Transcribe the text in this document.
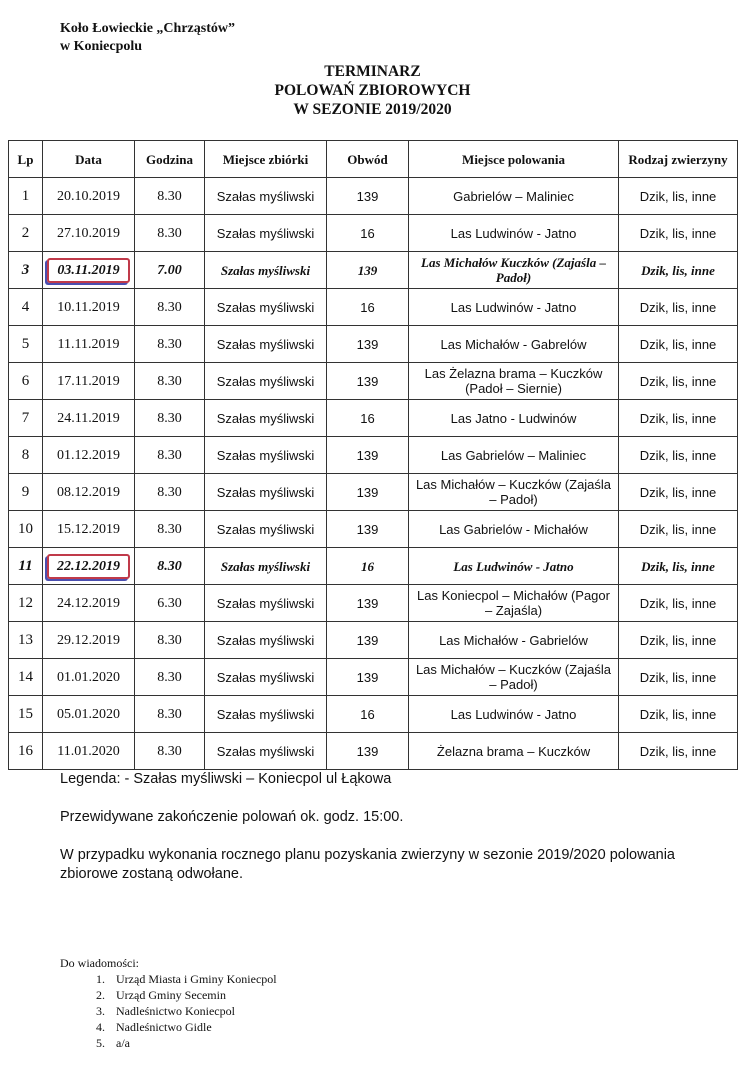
Koło Łowieckie „Chrząstów”
w Koniecpolu
TERMINARZ
POLOWAŃ ZBIOROWYCH
W SEZONIE 2019/2020
Lp	Data	Godzina	Miejsce zbiórki	Obwód	Miejsce polowania	Rodzaj zwierzyny
1	20.10.2019	8.30	Szałas myśliwski	139	Gabrielów – Maliniec	Dzik, lis, inne
2	27.10.2019	8.30	Szałas myśliwski	16	Las Ludwinów - Jatno	Dzik, lis, inne
3	03.11.2019	7.00	Szałas myśliwski	139	Las Michałów Kuczków (Zajaśla – Padoł)	Dzik, lis, inne
4	10.11.2019	8.30	Szałas myśliwski	16	Las Ludwinów - Jatno	Dzik, lis, inne
5	11.11.2019	8.30	Szałas myśliwski	139	Las Michałów - Gabrelów	Dzik, lis, inne
6	17.11.2019	8.30	Szałas myśliwski	139	Las Żelazna brama – Kuczków (Padoł – Siernie)	Dzik, lis, inne
7	24.11.2019	8.30	Szałas myśliwski	16	Las Jatno - Ludwinów	Dzik, lis, inne
8	01.12.2019	8.30	Szałas myśliwski	139	Las Gabrielów – Maliniec	Dzik, lis, inne
9	08.12.2019	8.30	Szałas myśliwski	139	Las Michałów – Kuczków (Zajaśla – Padoł)	Dzik, lis, inne
10	15.12.2019	8.30	Szałas myśliwski	139	Las Gabrielów - Michałów	Dzik, lis, inne
11	22.12.2019	8.30	Szałas myśliwski	16	Las Ludwinów - Jatno	Dzik, lis, inne
12	24.12.2019	6.30	Szałas myśliwski	139	Las Koniecpol – Michałów (Pagor – Zajaśla)	Dzik, lis, inne
13	29.12.2019	8.30	Szałas myśliwski	139	Las Michałów - Gabrielów	Dzik, lis, inne
14	01.01.2020	8.30	Szałas myśliwski	139	Las Michałów – Kuczków (Zajaśla – Padoł)	Dzik, lis, inne
15	05.01.2020	8.30	Szałas myśliwski	16	Las Ludwinów - Jatno	Dzik, lis, inne
16	11.01.2020	8.30	Szałas myśliwski	139	Żelazna brama – Kuczków	Dzik, lis, inne

Legenda: - Szałas myśliwski – Koniecpol ul Łąkowa

Przewidywane zakończenie polowań ok. godz. 15:00.

W przypadku wykonania rocznego planu pozyskania zwierzyny w sezonie 2019/2020 polowania zbiorowe zostaną odwołane.

Do wiadomości:
1. Urząd Miasta i Gminy Koniecpol
2. Urząd Gminy Secemin
3. Nadleśnictwo Koniecpol
4. Nadleśnictwo Gidle
5. a/a
